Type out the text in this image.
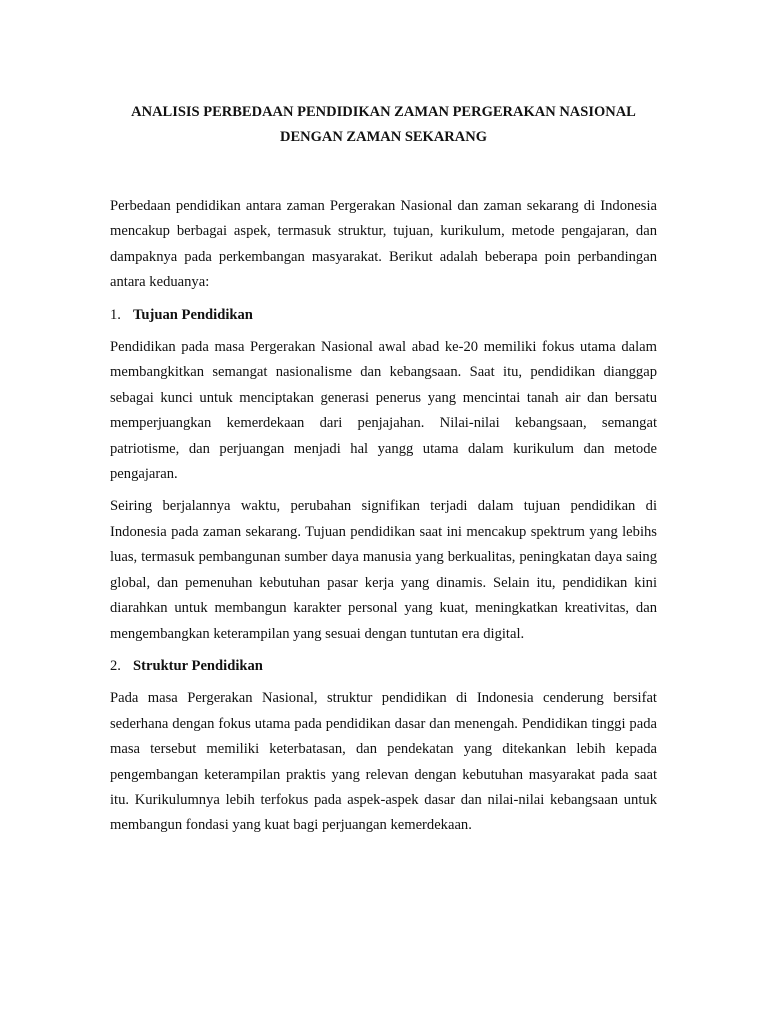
ANALISIS PERBEDAAN PENDIDIKAN ZAMAN PERGERAKAN NASIONAL
DENGAN ZAMAN SEKARANG

Perbedaan pendidikan antara zaman Pergerakan Nasional dan zaman sekarang di Indonesia mencakup berbagai aspek, termasuk struktur, tujuan, kurikulum, metode pengajaran, dan dampaknya pada perkembangan masyarakat. Berikut adalah beberapa poin perbandingan antara keduanya:

1. Tujuan Pendidikan

Pendidikan pada masa Pergerakan Nasional awal abad ke-20 memiliki fokus utama dalam membangkitkan semangat nasionalisme dan kebangsaan. Saat itu, pendidikan dianggap sebagai kunci untuk menciptakan generasi penerus yang mencintai tanah air dan bersatu memperjuangkan kemerdekaan dari penjajahan. Nilai-nilai kebangsaan, semangat patriotisme, dan perjuangan menjadi hal yangg utama dalam kurikulum dan metode pengajaran.

Seiring berjalannya waktu, perubahan signifikan terjadi dalam tujuan pendidikan di Indonesia pada zaman sekarang. Tujuan pendidikan saat ini mencakup spektrum yang lebihs luas, termasuk pembangunan sumber daya manusia yang berkualitas, peningkatan daya saing global, dan pemenuhan kebutuhan pasar kerja yang dinamis. Selain itu, pendidikan kini diarahkan untuk membangun karakter personal yang kuat, meningkatkan kreativitas, dan mengembangkan keterampilan yang sesuai dengan tuntutan era digital.

2. Struktur Pendidikan

Pada masa Pergerakan Nasional, struktur pendidikan di Indonesia cenderung bersifat sederhana dengan fokus utama pada pendidikan dasar dan menengah. Pendidikan tinggi pada masa tersebut memiliki keterbatasan, dan pendekatan yang ditekankan lebih kepada pengembangan keterampilan praktis yang relevan dengan kebutuhan masyarakat pada saat itu. Kurikulumnya lebih terfokus pada aspek-aspek dasar dan nilai-nilai kebangsaan untuk membangun fondasi yang kuat bagi perjuangan kemerdekaan.
